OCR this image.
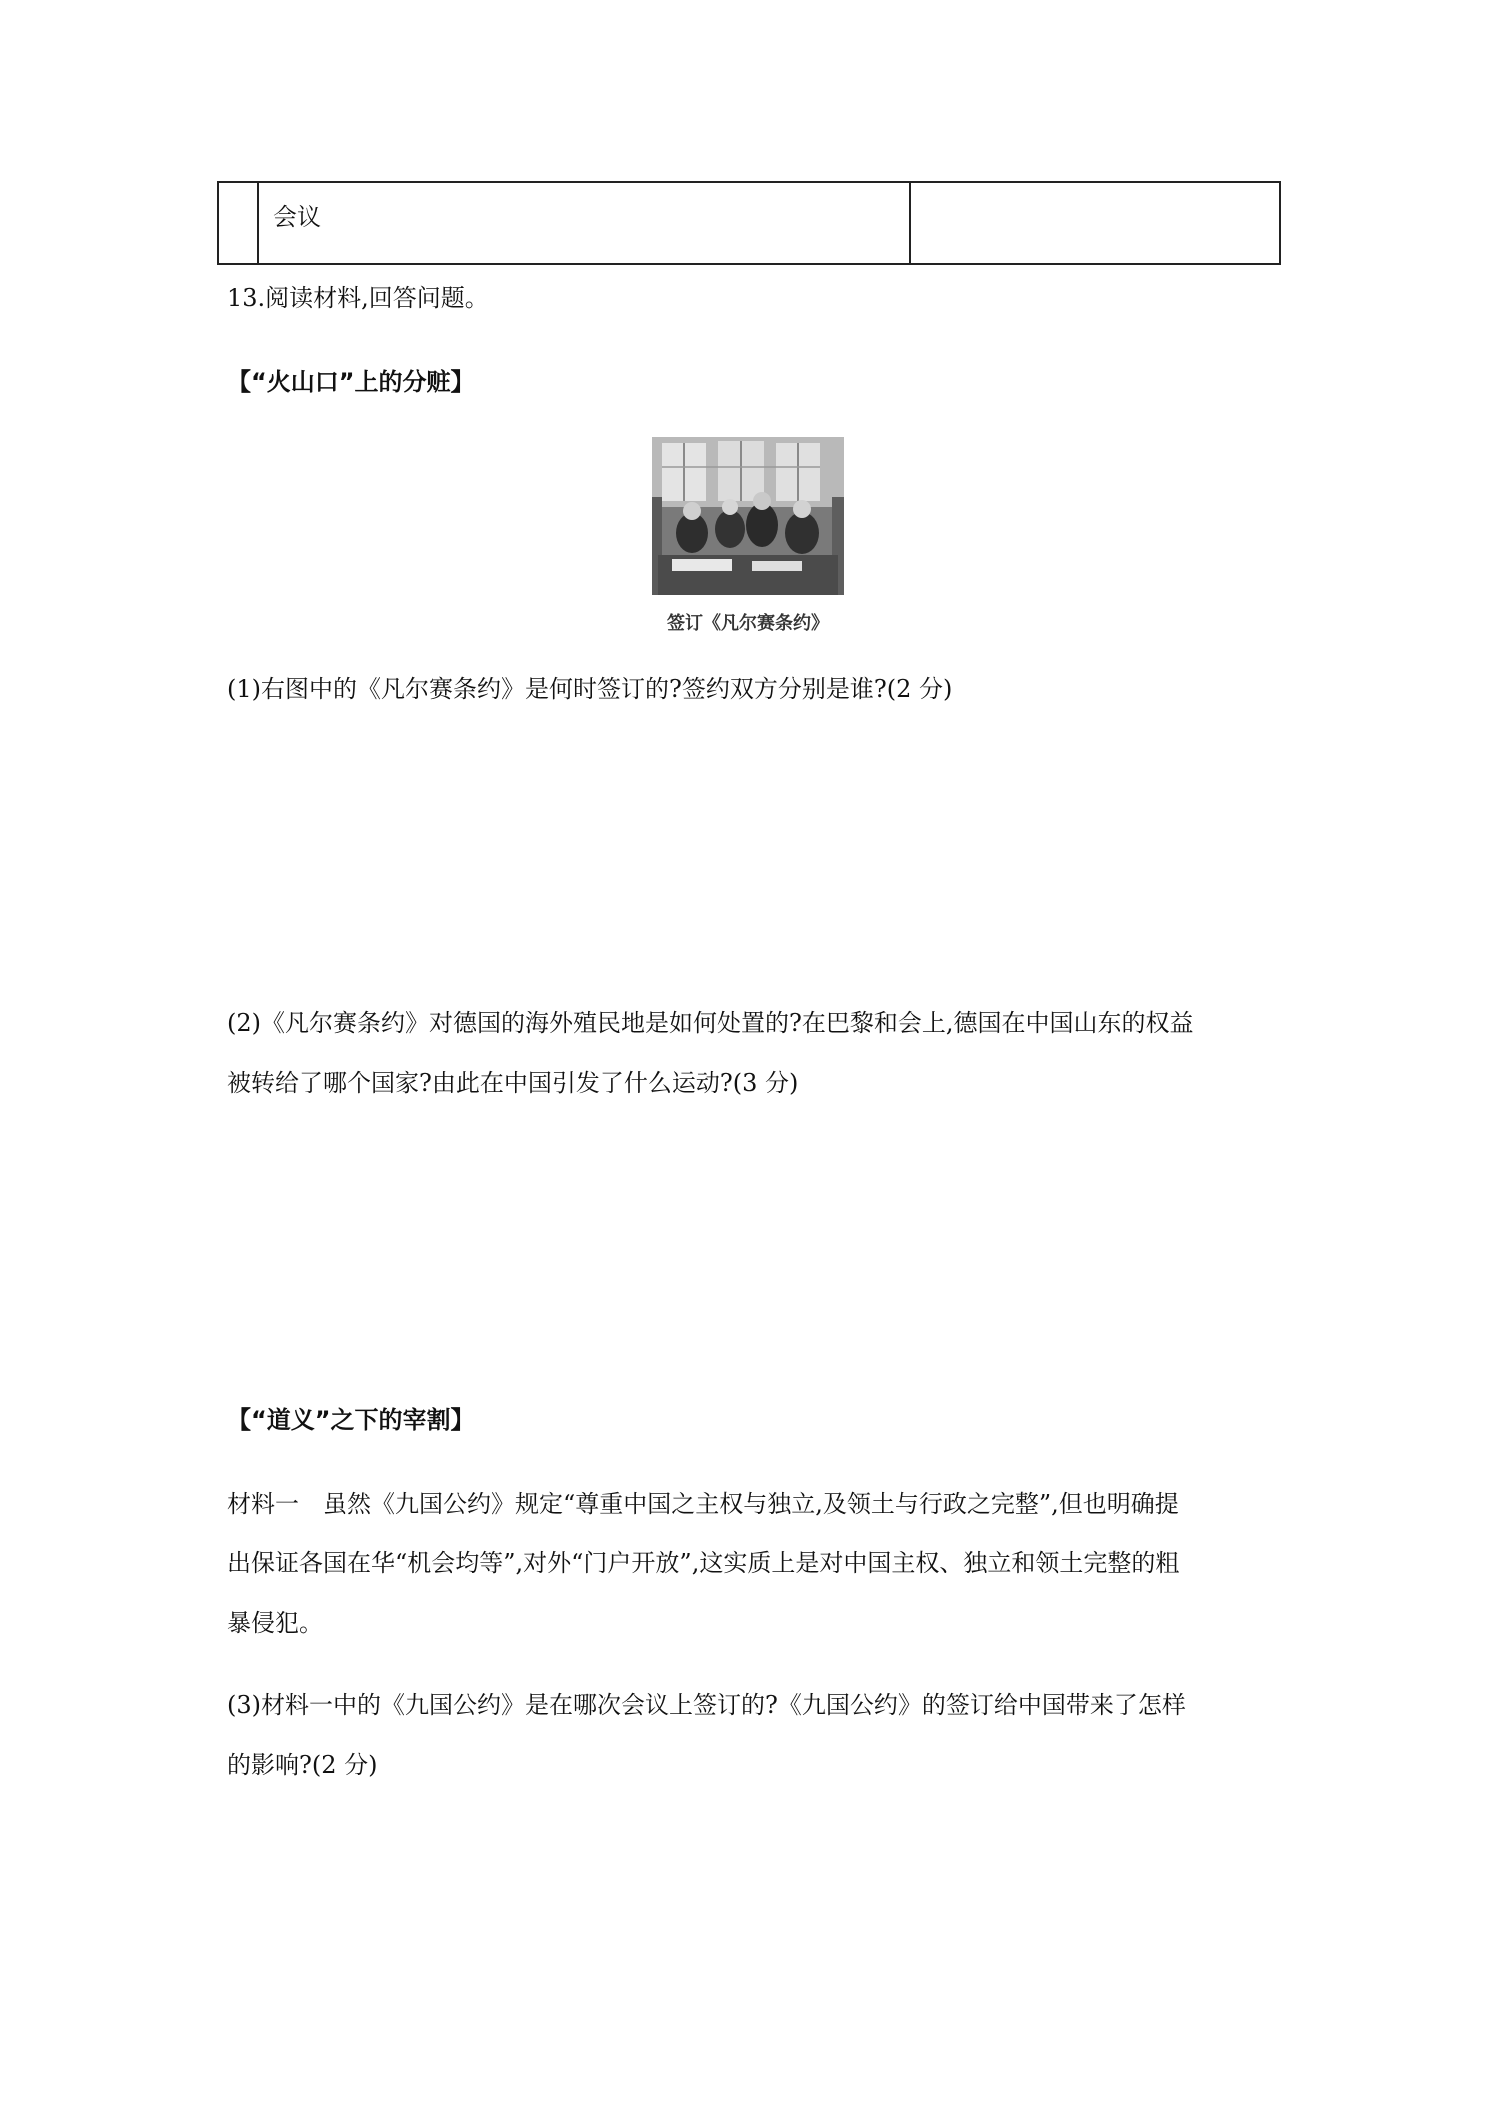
会议
13.阅读材料,回答问题。
【“火山口”上的分赃】
签订《凡尔赛条约》
(1)右图中的《凡尔赛条约》是何时签订的?签约双方分别是谁?(2 分)
(2)《凡尔赛条约》对德国的海外殖民地是如何处置的?在巴黎和会上,德国在中国山东的权益
被转给了哪个国家?由此在中国引发了什么运动?(3 分)
【“道义”之下的宰割】
材料一　虽然《九国公约》规定“尊重中国之主权与独立,及领土与行政之完整”,但也明确提
出保证各国在华“机会均等”,对外“门户开放”,这实质上是对中国主权、独立和领土完整的粗
暴侵犯。
(3)材料一中的《九国公约》是在哪次会议上签订的?《九国公约》的签订给中国带来了怎样
的影响?(2 分)
